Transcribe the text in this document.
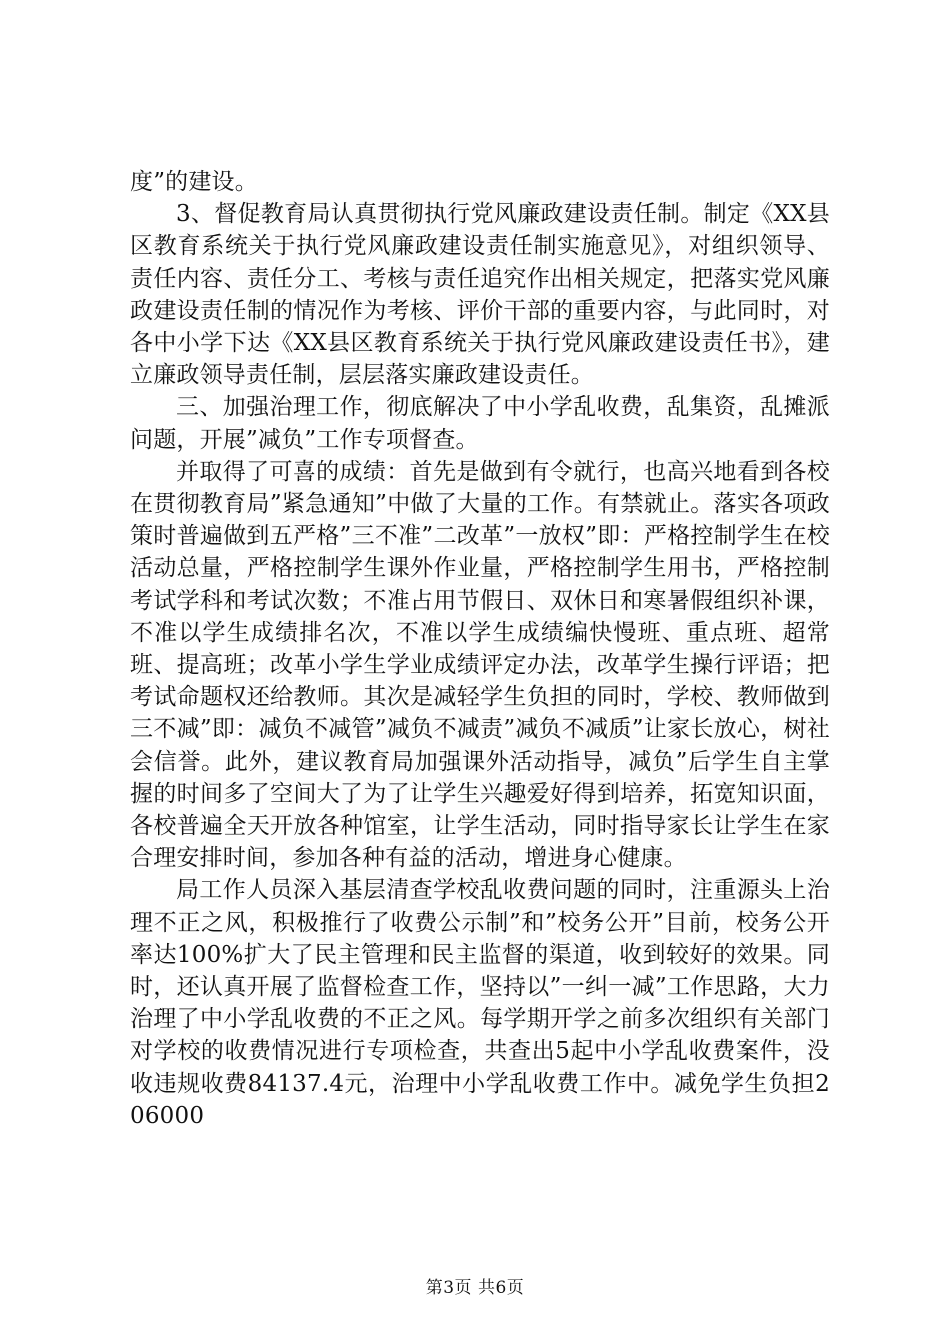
度”的建设。

3、督促教育局认真贯彻执行党风廉政建设责任制。制定《XX县区教育系统关于执行党风廉政建设责任制实施意见》，对组织领导、责任内容、责任分工、考核与责任追究作出相关规定，把落实党风廉政建设责任制的情况作为考核、评价干部的重要内容，与此同时，对各中小学下达《XX县区教育系统关于执行党风廉政建设责任书》，建立廉政领导责任制，层层落实廉政建设责任。

三、加强治理工作，彻底解决了中小学乱收费，乱集资，乱摊派问题，开展”减负”工作专项督查。

并取得了可喜的成绩：首先是做到有令就行，也高兴地看到各校在贯彻教育局”紧急通知”中做了大量的工作。有禁就止。落实各项政策时普遍做到五严格”三不准”二改革”一放权”即：严格控制学生在校活动总量，严格控制学生课外作业量，严格控制学生用书，严格控制考试学科和考试次数；不准占用节假日、双休日和寒暑假组织补课，不准以学生成绩排名次，不准以学生成绩编快慢班、重点班、超常班、提高班；改革小学生学业成绩评定办法，改革学生操行评语；把考试命题权还给教师。其次是减轻学生负担的同时，学校、教师做到三不减”即：减负不减管”减负不减责”减负不减质”让家长放心，树社会信誉。此外，建议教育局加强课外活动指导，减负”后学生自主掌握的时间多了空间大了为了让学生兴趣爱好得到培养，拓宽知识面，各校普遍全天开放各种馆室，让学生活动，同时指导家长让学生在家合理安排时间，参加各种有益的活动，增进身心健康。

局工作人员深入基层清查学校乱收费问题的同时，注重源头上治理不正之风，积极推行了收费公示制”和”校务公开”目前，校务公开率达100%扩大了民主管理和民主监督的渠道，收到较好的效果。同时，还认真开展了监督检查工作，坚持以”一纠一减”工作思路，大力治理了中小学乱收费的不正之风。每学期开学之前多次组织有关部门对学校的收费情况进行专项检查，共查出5起中小学乱收费案件，没收违规收费84137.4元，治理中小学乱收费工作中。减免学生负担206000

第3页 共6页
